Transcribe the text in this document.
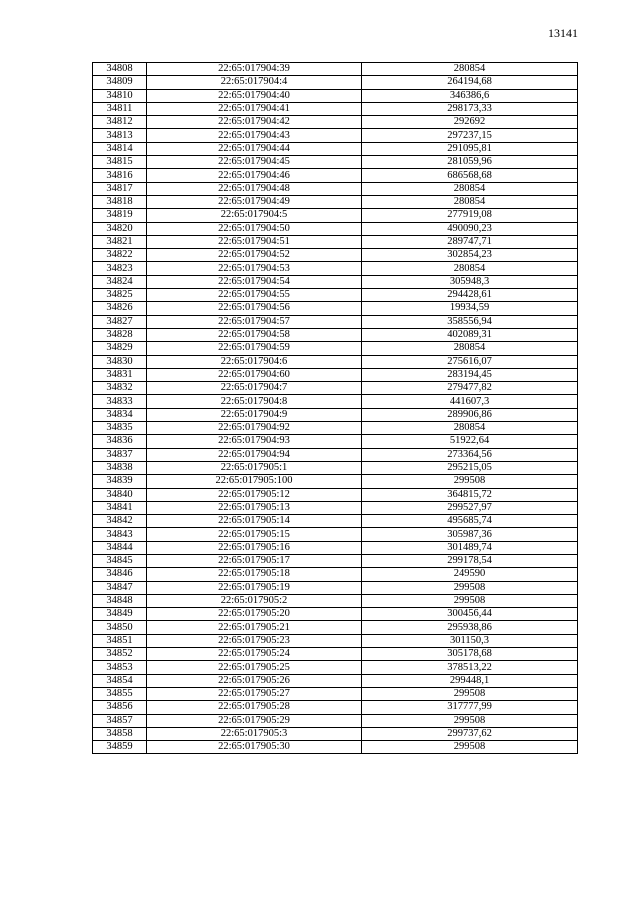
13141
34808	22:65:017904:39	280854
34809	22:65:017904:4	264194,68
34810	22:65:017904:40	346386,6
34811	22:65:017904:41	298173,33
34812	22:65:017904:42	292692
34813	22:65:017904:43	297237,15
34814	22:65:017904:44	291095,81
34815	22:65:017904:45	281059,96
34816	22:65:017904:46	686568,68
34817	22:65:017904:48	280854
34818	22:65:017904:49	280854
34819	22:65:017904:5	277919,08
34820	22:65:017904:50	490090,23
34821	22:65:017904:51	289747,71
34822	22:65:017904:52	302854,23
34823	22:65:017904:53	280854
34824	22:65:017904:54	305948,3
34825	22:65:017904:55	294428,61
34826	22:65:017904:56	19934,59
34827	22:65:017904:57	358556,94
34828	22:65:017904:58	402089,31
34829	22:65:017904:59	280854
34830	22:65:017904:6	275616,07
34831	22:65:017904:60	283194,45
34832	22:65:017904:7	279477,82
34833	22:65:017904:8	441607,3
34834	22:65:017904:9	289906,86
34835	22:65:017904:92	280854
34836	22:65:017904:93	51922,64
34837	22:65:017904:94	273364,56
34838	22:65:017905:1	295215,05
34839	22:65:017905:100	299508
34840	22:65:017905:12	364815,72
34841	22:65:017905:13	299527,97
34842	22:65:017905:14	495685,74
34843	22:65:017905:15	305987,36
34844	22:65:017905:16	301489,74
34845	22:65:017905:17	299178,54
34846	22:65:017905:18	249590
34847	22:65:017905:19	299508
34848	22:65:017905:2	299508
34849	22:65:017905:20	300456,44
34850	22:65:017905:21	295938,86
34851	22:65:017905:23	301150,3
34852	22:65:017905:24	305178,68
34853	22:65:017905:25	378513,22
34854	22:65:017905:26	299448,1
34855	22:65:017905:27	299508
34856	22:65:017905:28	317777,99
34857	22:65:017905:29	299508
34858	22:65:017905:3	299737,62
34859	22:65:017905:30	299508
